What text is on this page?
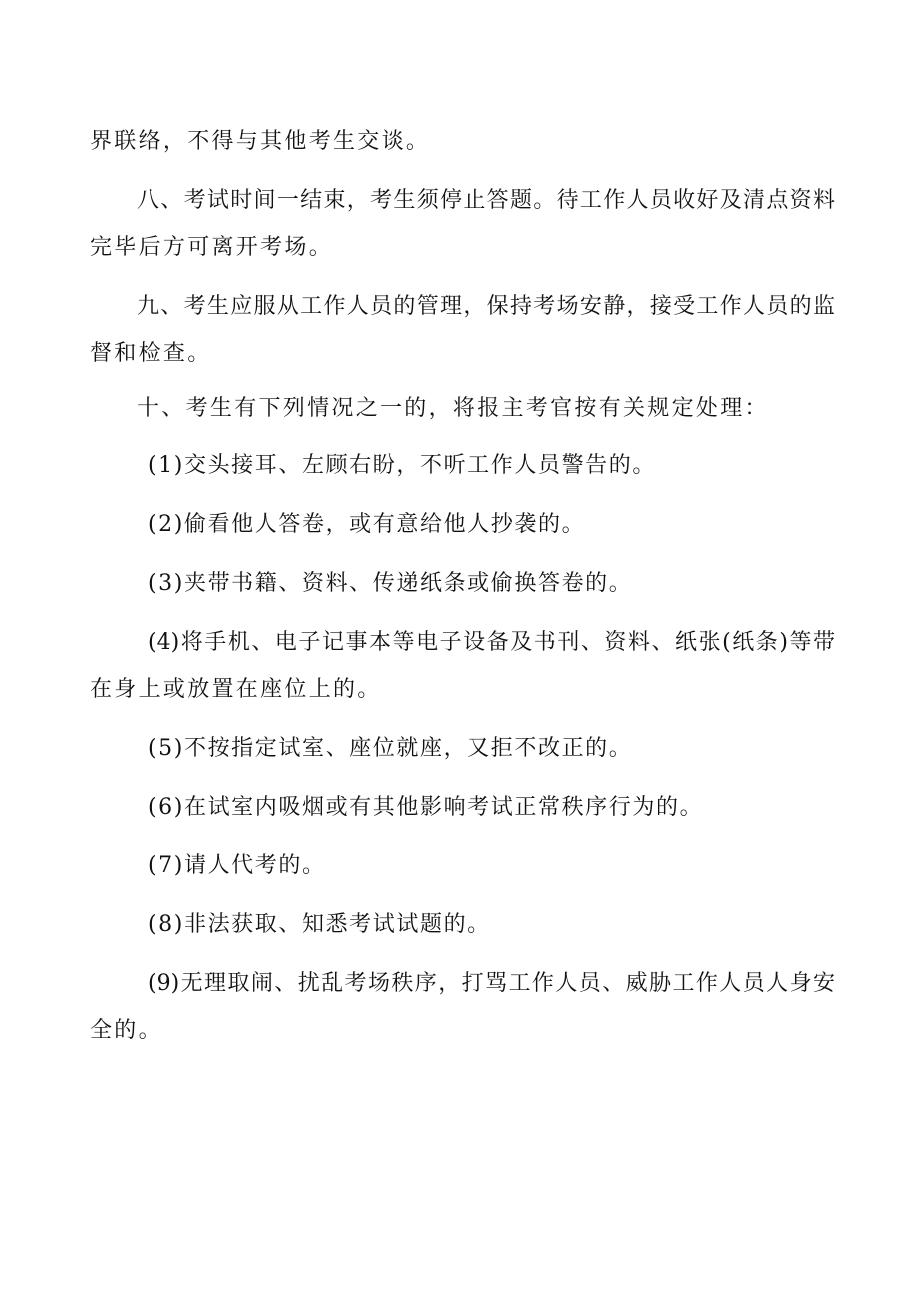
界联络，不得与其他考生交谈。
八、考试时间一结束，考生须停止答题。待工作人员收好及清点资料
完毕后方可离开考场。
九、考生应服从工作人员的管理，保持考场安静，接受工作人员的监
督和检查。
十、考生有下列情况之一的，将报主考官按有关规定处理：
(1)交头接耳、左顾右盼，不听工作人员警告的。
(2)偷看他人答卷，或有意给他人抄袭的。
(3)夹带书籍、资料、传递纸条或偷换答卷的。
(4)将手机、电子记事本等电子设备及书刊、资料、纸张(纸条)等带
在身上或放置在座位上的。
(5)不按指定试室、座位就座，又拒不改正的。
(6)在试室内吸烟或有其他影响考试正常秩序行为的。
(7)请人代考的。
(8)非法获取、知悉考试试题的。
(9)无理取闹、扰乱考场秩序，打骂工作人员、威胁工作人员人身安
全的。
